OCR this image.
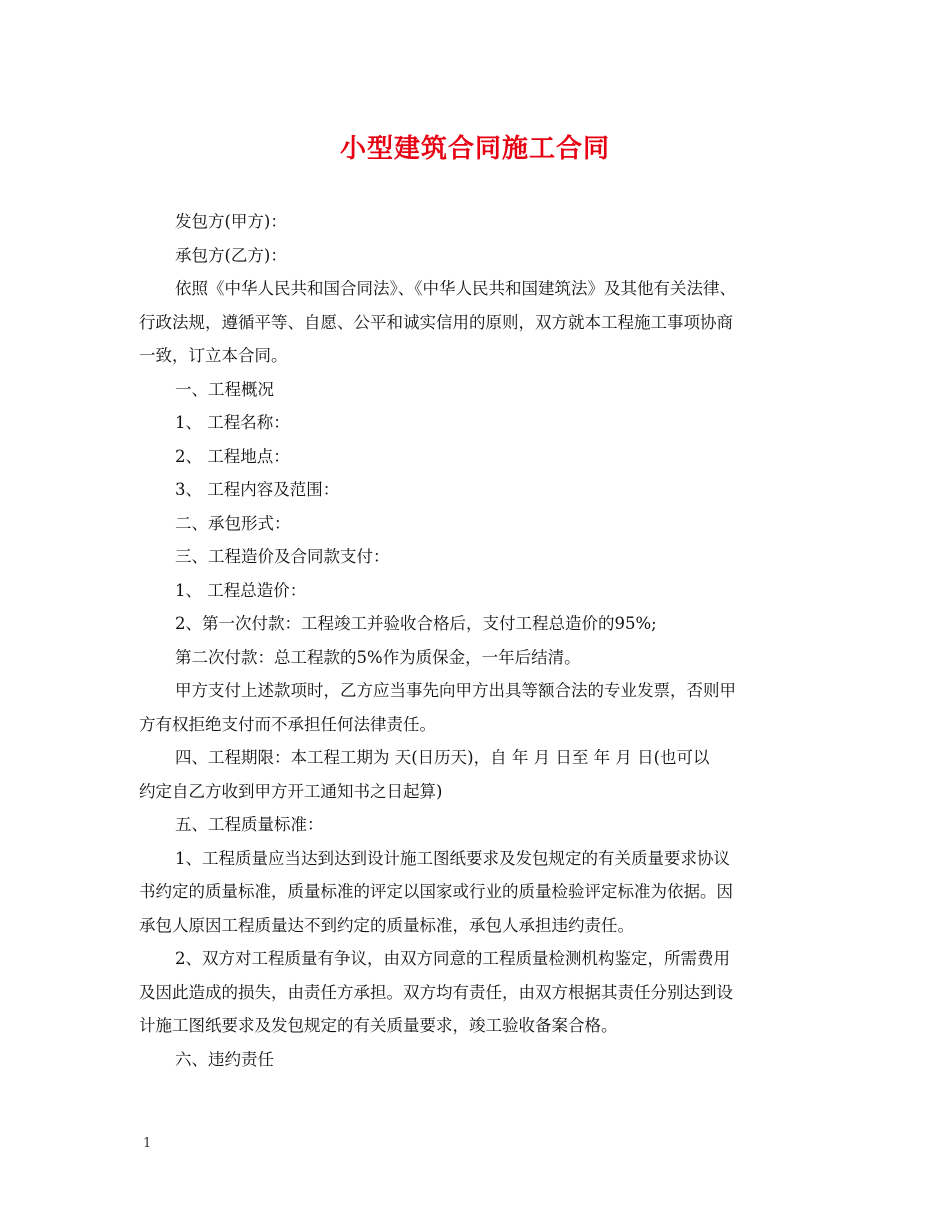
小型建筑合同施工合同

发包方(甲方)：

承包方(乙方)：

依照《中华人民共和国合同法》、《中华人民共和国建筑法》及其他有关法律、

行政法规，遵循平等、自愿、公平和诚实信用的原则，双方就本工程施工事项协商

一致，订立本合同。

一、工程概况

1、 工程名称：

2、 工程地点：

3、 工程内容及范围：

二、承包形式：

三、工程造价及合同款支付：

1、 工程总造价：

2、第一次付款：工程竣工并验收合格后，支付工程总造价的95%;

第二次付款：总工程款的5%作为质保金，一年后结清。

甲方支付上述款项时，乙方应当事先向甲方出具等额合法的专业发票，否则甲

方有权拒绝支付而不承担任何法律责任。

四、工程期限：本工程工期为 天(日历天)，自 年 月 日至 年 月 日(也可以

约定自乙方收到甲方开工通知书之日起算)

五、工程质量标准：

1、工程质量应当达到达到设计施工图纸要求及发包规定的有关质量要求协议

书约定的质量标准，质量标准的评定以国家或行业的质量检验评定标准为依据。因

承包人原因工程质量达不到约定的质量标准，承包人承担违约责任。

2、双方对工程质量有争议，由双方同意的工程质量检测机构鉴定，所需费用

及因此造成的损失，由责任方承担。双方均有责任，由双方根据其责任分别达到设

计施工图纸要求及发包规定的有关质量要求，竣工验收备案合格。

六、违约责任

1
